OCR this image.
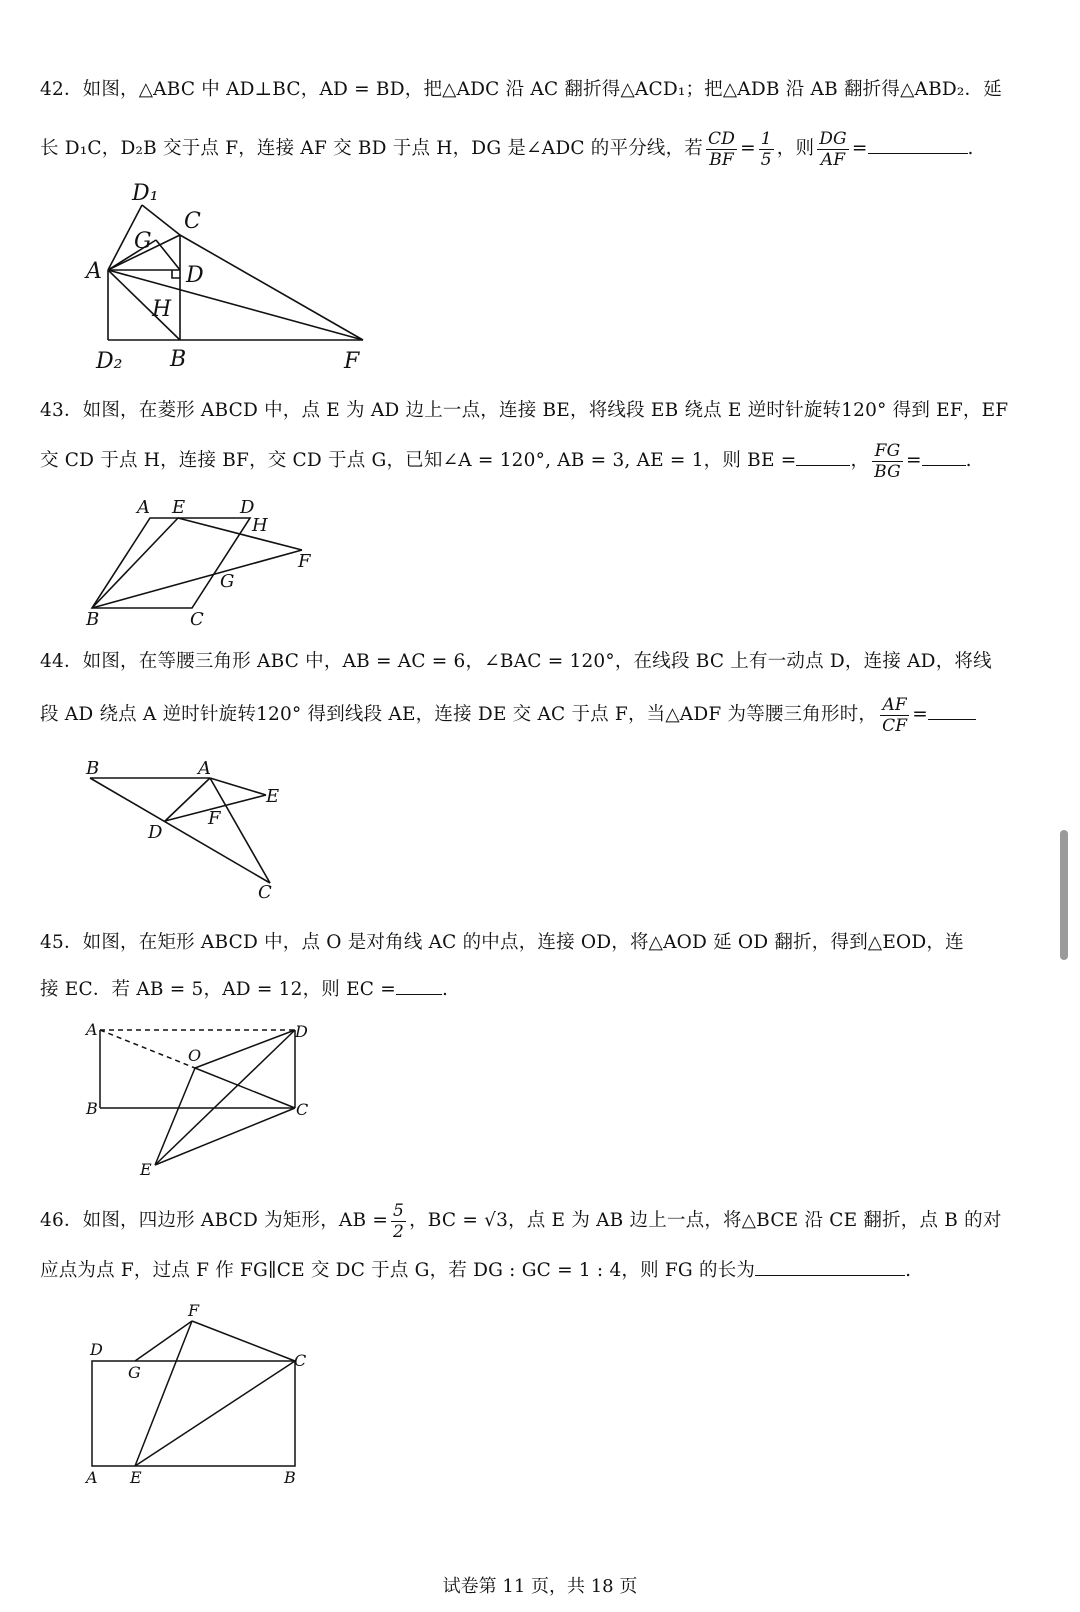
42．如图，△ABC 中 AD⊥BC，AD = BD，把△ADC 沿 AC 翻折得△ACD₁；把△ADB 沿 AB 翻折得△ABD₂．延
长 D₁C，D₂B 交于点 F，连接 AF 交 BD 于点 H，DG 是∠ADC 的平分线，若 $\frac{CD}{BF} = \frac{1}{5}$ ，则 $\frac{DG}{AF}$ =	.
D₁
C
G
A	D
H
D₂ B	F
43．如图，在菱形 ABCD 中，点 E 为 AD 边上一点，连接 BE，将线段 EB 绕点 E 逆时针旋转120° 得到 EF，EF
交 CD 于点 H，连接 BF，交 CD 于点 G，已知∠A = 120°, AB = 3, AE = 1，则 BE =	， $\frac{FG}{BG}$ = .
A E	D
H
F
G
B	C
44．如图，在等腰三角形 ABC 中，AB = AC = 6，∠BAC = 120°，在线段 BC 上有一动点 D，连接 AD，将线
段 AD 绕点 A 逆时针旋转120° 得到线段 AE，连接 DE 交 AC 于点 F，当△ADF 为等腰三角形时， $\frac{AF}{CF}$ =
B	A
E
F
D
C
45．如图，在矩形 ABCD 中，点 O 是对角线 AC 的中点，连接 OD，将△AOD 延 OD 翻折，得到△EOD，连
接 EC．若 AB = 5，AD = 12，则 EC = .
A	D
O
B	C
E
46．如图，四边形 ABCD 为矩形，AB = $\frac{5}{2}$ ，BC = √3，点 E 为 AB 边上一点，将△BCE 沿 CE 翻折，点 B 的对
应点为点 F，过点 F 作 FG∥CE 交 DC 于点 G，若 DG : GC = 1 : 4，则 FG 的长为	.
F
D
G
C
A E	B
试卷第 11 页，共 18 页
